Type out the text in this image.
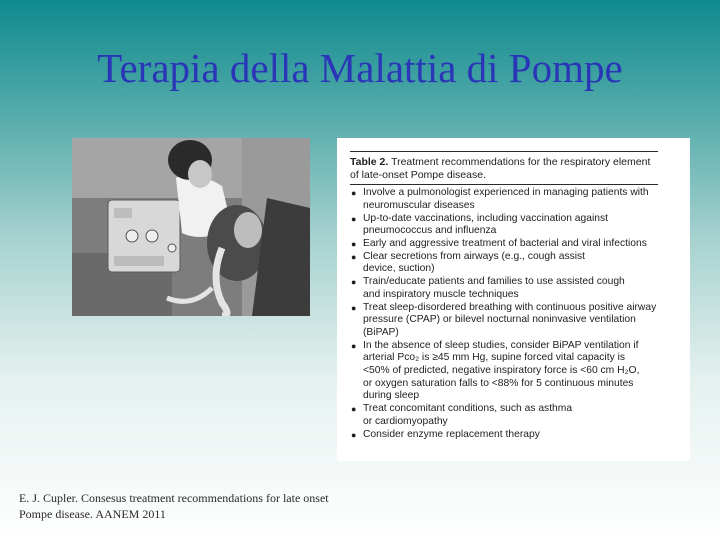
Terapia della Malattia di Pompe
Table 2. Treatment recommendations for the respiratory element
of late-onset Pompe disease.
● Involve a pulmonologist experienced in managing patients with
neuromuscular diseases
● Up-to-date vaccinations, including vaccination against
pneumococcus and influenza
● Early and aggressive treatment of bacterial and viral infections
● Clear secretions from airways (e.g., cough assist
device, suction)
● Train/educate patients and families to use assisted cough
and inspiratory muscle techniques
● Treat sleep-disordered breathing with continuous positive airway
pressure (CPAP) or bilevel nocturnal noninvasive ventilation (BiPAP)
● In the absence of sleep studies, consider BiPAP ventilation if
arterial Pco₂ is ≥45 mm Hg, supine forced vital capacity is
<50% of predicted, negative inspiratory force is <60 cm H₂O,
or oxygen saturation falls to <88% for 5 continuous minutes
during sleep
● Treat concomitant conditions, such as asthma
or cardiomyopathy
● Consider enzyme replacement therapy
E. J. Cupler. Consesus treatment recommendations for late onset
Pompe disease. AANEM 2011
